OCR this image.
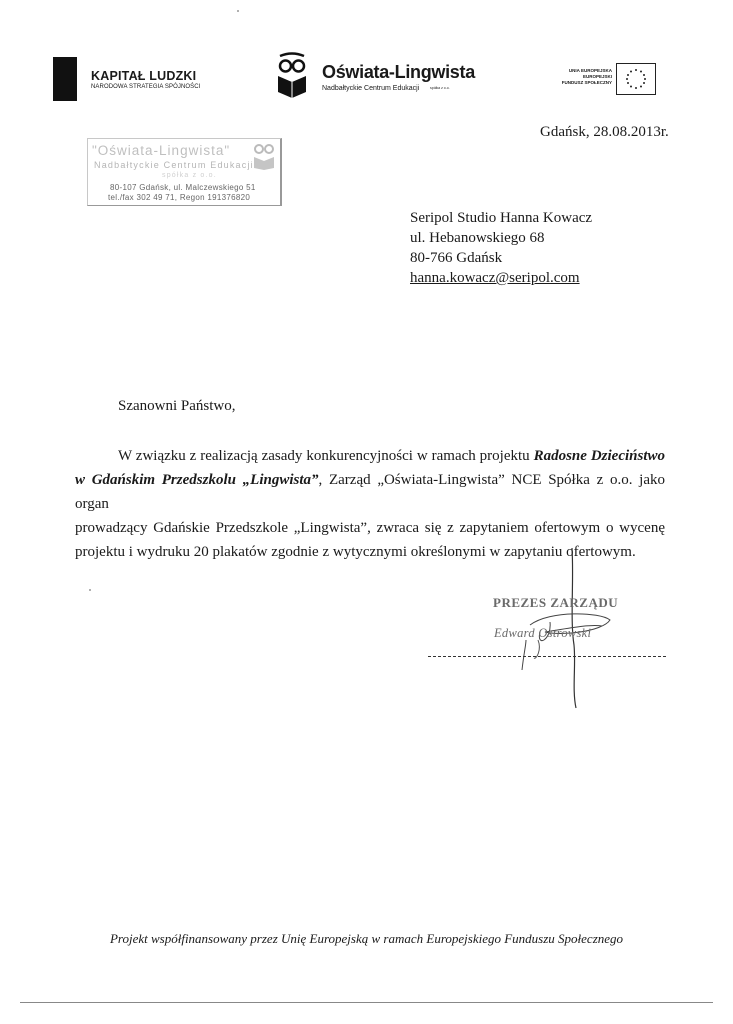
KAPITAŁ LUDZKI
NARODOWA STRATEGIA SPÓJNOŚCI
Oświata-Lingwista
Nadbałtyckie Centrum Edukacji	spółka z o.o.
UNIA EUROPEJSKA
EUROPEJSKI
FUNDUSZ SPOŁECZNY
"Oświata-Lingwista"
Nadbałtyckie Centrum Edukacji
spółka z o.o.
80-107 Gdańsk, ul. Malczewskiego 51
tel./fax 302 49 71, Regon 191376820
Gdańsk, 28.08.2013r.
Seripol Studio Hanna Kowacz
ul. Hebanowskiego 68
80-766 Gdańsk
hanna.kowacz@seripol.com
Szanowni Państwo,

W związku z realizacją zasady konkurencyjności w ramach projektu Radosne Dzieciństwo

w Gdańskim Przedszkolu „Lingwista”, Zarząd „Oświata-Lingwista” NCE Spółka z o.o. jako organ

prowadzący Gdańskie Przedszkole „Lingwista”, zwraca się z zapytaniem ofertowym o wycenę

projektu i wydruku 20 plakatów zgodnie z wytycznymi określonymi w zapytaniu ofertowym.

PREZES ZARZĄDU
Edward Ostrowski
Projekt współfinansowany przez Unię Europejską w ramach Europejskiego Funduszu Społecznego
